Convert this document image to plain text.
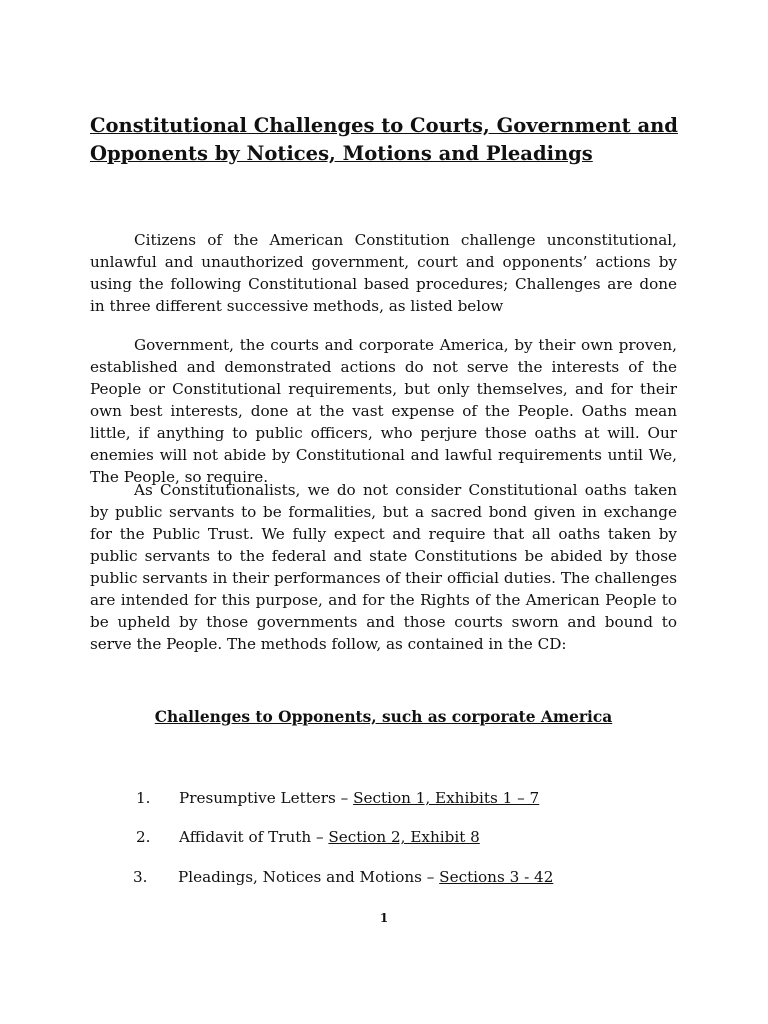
Constitutional Challenges to Courts, Government and Opponents by Notices, Motions and Pleadings

Citizens of the American Constitution challenge unconstitutional, unlawful and unauthorized government, court and opponents’ actions by using the following Constitutional based procedures; Challenges are done in three different successive methods, as listed below

Government, the courts and corporate America, by their own proven, established and demonstrated actions do not serve the interests of the People or Constitutional requirements, but only themselves, and for their own best interests, done at the vast expense of the People. Oaths mean little, if anything to public officers, who perjure those oaths at will. Our enemies will not abide by Constitutional and lawful requirements until We, The People, so require.

As Constitutionalists, we do not consider Constitutional oaths taken by public servants to be formalities, but a sacred bond given in exchange for the Public Trust. We fully expect and require that all oaths taken by public servants to the federal and state Constitutions be abided by those public servants in their performances of their official duties. The challenges are intended for this purpose, and for the Rights of the American People to be upheld by those governments and those courts sworn and bound to serve the People. The methods follow, as contained in the CD:

Challenges to Opponents, such as corporate America
1. Presumptive Letters – Section 1, Exhibits 1 – 7
2. Affidavit of Truth – Section 2, Exhibit 8
3. Pleadings, Notices and Motions – Sections 3 - 42

1
